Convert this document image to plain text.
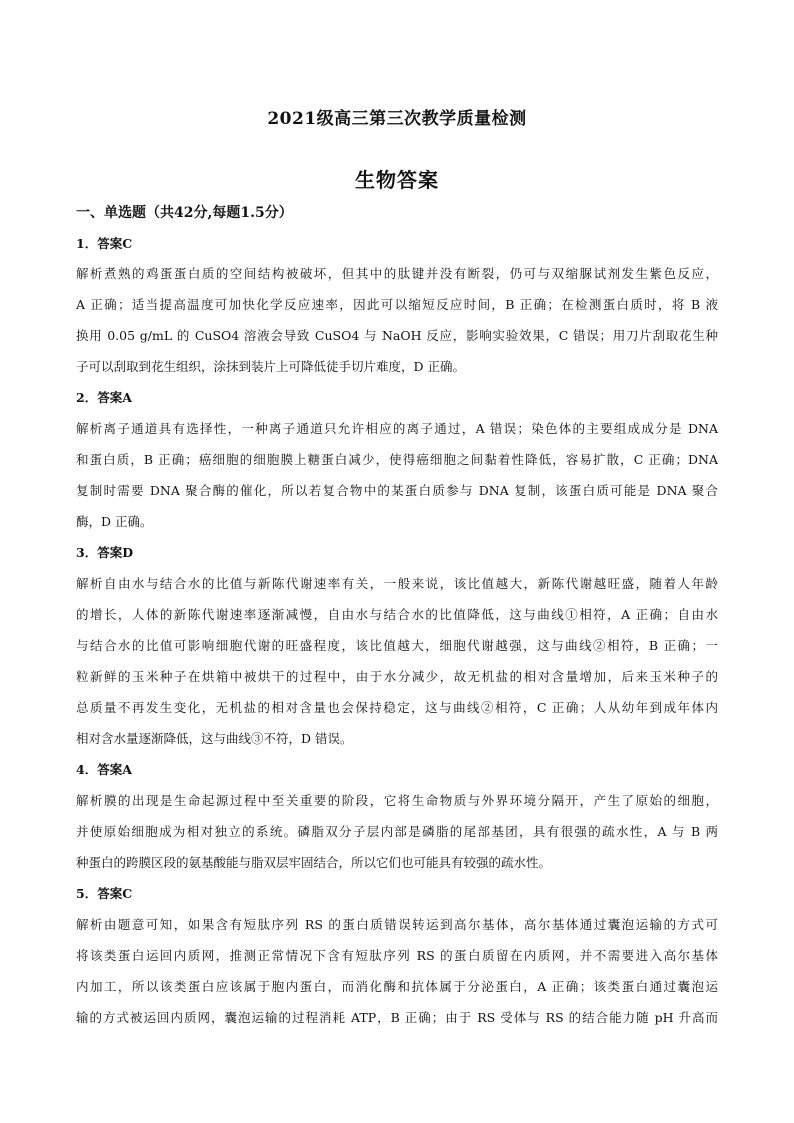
2021级高三第三次教学质量检测
生物答案
一、单选题（共42分,每题1.5分）
1．答案C
解析煮熟的鸡蛋蛋白质的空间结构被破坏，但其中的肽键并没有断裂，仍可与双缩脲试剂发生紫色反应，
A 正确；适当提高温度可加快化学反应速率，因此可以缩短反应时间，B 正确；在检测蛋白质时，将 B 液
换用 0.05 g/mL 的 CuSO4 溶液会导致 CuSO4 与 NaOH 反应，影响实验效果，C 错误；用刀片刮取花生种
子可以刮取到花生组织，涂抹到装片上可降低徒手切片难度，D 正确。
2．答案A
解析离子通道具有选择性，一种离子通道只允许相应的离子通过，A 错误；染色体的主要组成成分是 DNA
和蛋白质，B 正确；癌细胞的细胞膜上糖蛋白减少，使得癌细胞之间黏着性降低，容易扩散，C 正确；DNA
复制时需要 DNA 聚合酶的催化，所以若复合物中的某蛋白质参与 DNA 复制，该蛋白质可能是 DNA 聚合
酶，D 正确。
3．答案D
解析自由水与结合水的比值与新陈代谢速率有关，一般来说，该比值越大，新陈代谢越旺盛，随着人年龄
的增长，人体的新陈代谢速率逐渐减慢，自由水与结合水的比值降低，这与曲线①相符，A 正确；自由水
与结合水的比值可影响细胞代谢的旺盛程度，该比值越大，细胞代谢越强，这与曲线②相符，B 正确；一
粒新鲜的玉米种子在烘箱中被烘干的过程中，由于水分减少，故无机盐的相对含量增加，后来玉米种子的
总质量不再发生变化，无机盐的相对含量也会保持稳定，这与曲线②相符，C 正确；人从幼年到成年体内
相对含水量逐渐降低，这与曲线③不符，D 错误。
4．答案A
解析膜的出现是生命起源过程中至关重要的阶段，它将生命物质与外界环境分隔开，产生了原始的细胞，
并使原始细胞成为相对独立的系统。磷脂双分子层内部是磷脂的尾部基团，具有很强的疏水性，A 与 B 两
种蛋白的跨膜区段的氨基酸能与脂双层牢固结合，所以它们也可能具有较强的疏水性。
5．答案C
解析由题意可知，如果含有短肽序列 RS 的蛋白质错误转运到高尔基体，高尔基体通过囊泡运输的方式可
将该类蛋白运回内质网，推测正常情况下含有短肽序列 RS 的蛋白质留在内质网，并不需要进入高尔基体
内加工，所以该类蛋白应该属于胞内蛋白，而消化酶和抗体属于分泌蛋白，A 正确；该类蛋白通过囊泡运
输的方式被运回内质网，囊泡运输的过程消耗 ATP，B 正确；由于 RS 受体与 RS 的结合能力随 pH 升高而
